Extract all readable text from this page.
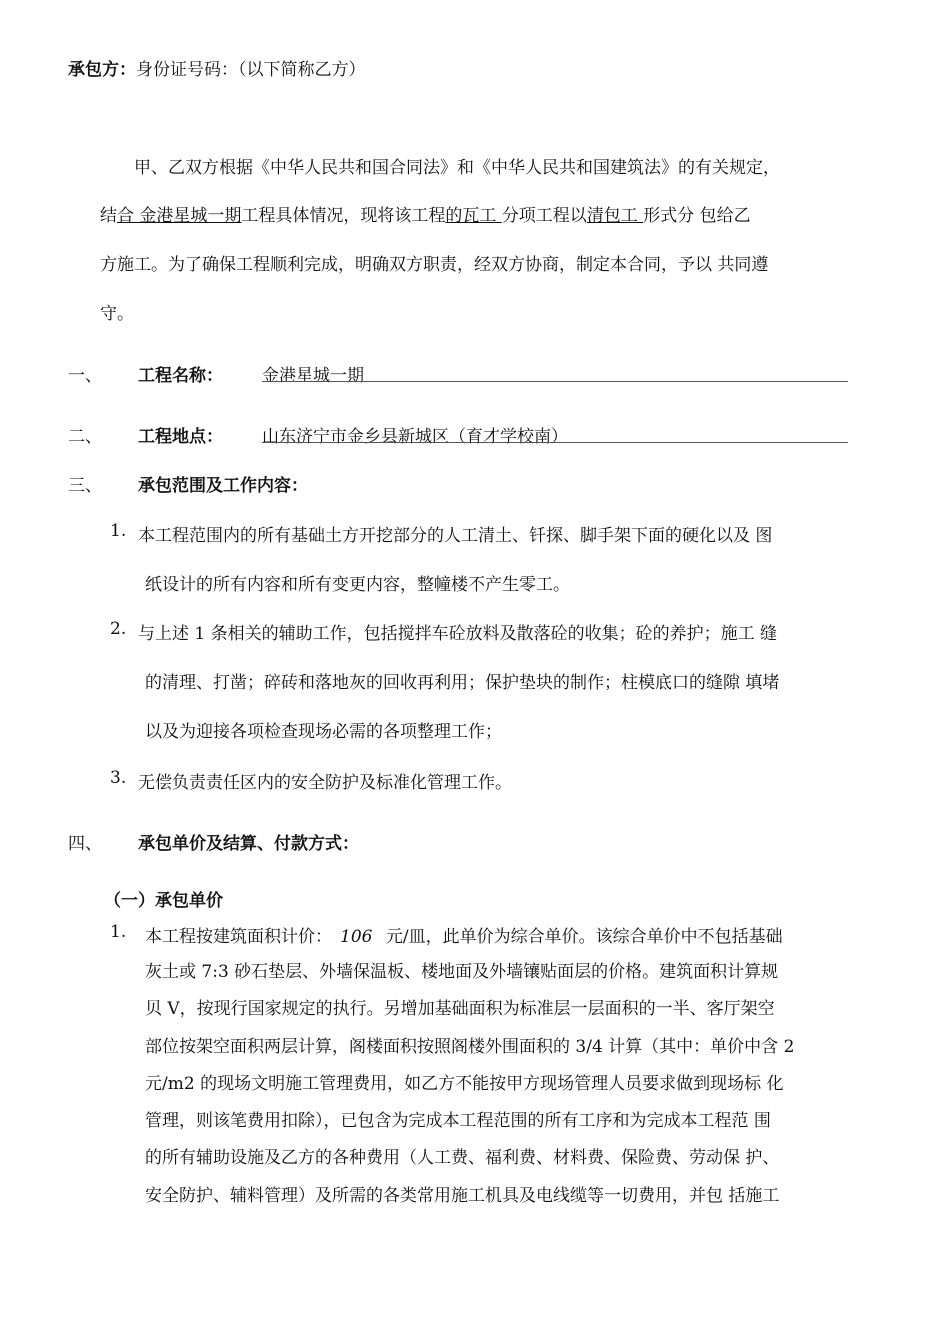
承包方：身份证号码：（以下简称乙方）
甲、乙双方根据《中华人民共和国合同法》和《中华人民共和国建筑法》的有关规定，
结合 金港星城一期工程具体情况，现将该工程的瓦工 分项工程以清包工 形式分 包给乙
方施工。为了确保工程顺利完成，明确双方职责，经双方协商，制定本合同，予以 共同遵
守。
一、 工程名称： 金港星城一期
二、 工程地点： 山东济宁市金乡县新城区（育才学校南）
三、 承包范围及工作内容：
1. 本工程范围内的所有基础土方开挖部分的人工清土、钎探、脚手架下面的硬化以及 图
纸设计的所有内容和所有变更内容，整幢楼不产生零工。
2. 与上述 1 条相关的辅助工作，包括搅拌车砼放料及散落砼的收集；砼的养护；施工 缝
的清理、打凿；碎砖和落地灰的回收再利用；保护垫块的制作；柱模底口的缝隙 填堵
以及为迎接各项检查现场必需的各项整理工作；
3. 无偿负责责任区内的安全防护及标准化管理工作。
四、 承包单价及结算、付款方式：
（一）承包单价
1. 本工程按建筑面积计价： 106 元/皿，此单价为综合单价。该综合单价中不包括基础
灰土或 7:3 砂石垫层、外墙保温板、楼地面及外墙镶贴面层的价格。建筑面积计算规
贝 V，按现行国家规定的执行。另增加基础面积为标准层一层面积的一半、客厅架空
部位按架空面积两层计算，阁楼面积按照阁楼外围面积的 3/4 计算（其中：单价中含 2
元/m2 的现场文明施工管理费用，如乙方不能按甲方现场管理人员要求做到现场标 化
管理，则该笔费用扣除），已包含为完成本工程范围的所有工序和为完成本工程范 围
的所有辅助设施及乙方的各种费用（人工费、福利费、材料费、保险费、劳动保 护、
安全防护、辅料管理）及所需的各类常用施工机具及电线缆等一切费用，并包 括施工
